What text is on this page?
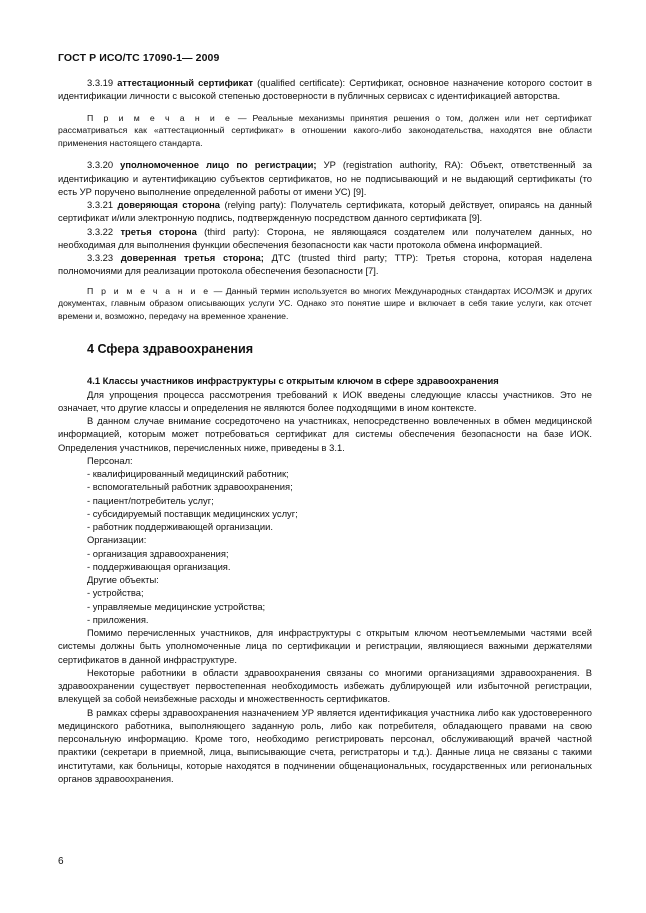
ГОСТ Р ИСО/ТС 17090-1— 2009

3.3.19 аттестационный сертификат (qualified certificate): Сертификат, основное назначение которого состоит в идентификации личности с высокой степенью достоверности в публичных сервисах с идентификацией авторства.

П р и м е ч а н и е — Реальные механизмы принятия решения о том, должен или нет сертификат рассматриваться как «аттестационный сертификат» в отношении какого-либо законодательства, находятся вне области применения настоящего стандарта.

3.3.20 уполномоченное лицо по регистрации; УР (registration authority, RA): Объект, ответственный за идентификацию и аутентификацию субъектов сертификатов, но не подписывающий и не выдающий сертификаты (то есть УР поручено выполнение определенной работы от имени УС) [9].

3.3.21 доверяющая сторона (relying party): Получатель сертификата, который действует, опираясь на данный сертификат и/или электронную подпись, подтвержденную посредством данного сертификата [9].

3.3.22 третья сторона (third party): Сторона, не являющаяся создателем или получателем данных, но необходимая для выполнения функции обеспечения безопасности как части протокола обмена информацией.

3.3.23 доверенная третья сторона; ДТС (trusted third party; TTP): Третья сторона, которая наделена полномочиями для реализации протокола обеспечения безопасности [7].

П р и м е ч а н и е — Данный термин используется во многих Международных стандартах ИСО/МЭК и других документах, главным образом описывающих услуги УС. Однако это понятие шире и включает в себя такие услуги, как отсчет времени и, возможно, передачу на временное хранение.

4 Сфера здравоохранения
4.1 Классы участников инфраструктуры с открытым ключом в сфере здравоохранения

Для упрощения процесса рассмотрения требований к ИОК введены следующие классы участников. Это не означает, что другие классы и определения не являются более подходящими в ином контексте.

В данном случае внимание сосредоточено на участниках, непосредственно вовлеченных в обмен медицинской информацией, которым может потребоваться сертификат для системы обеспечения безопасности на базе ИОК. Определения участников, перечисленных ниже, приведены в 3.1.

Персонал:

- квалифицированный медицинский работник;

- вспомогательный работник здравоохранения;

- пациент/потребитель услуг;

- субсидируемый поставщик медицинских услуг;

- работник поддерживающей организации.

Организации:

- организация здравоохранения;

- поддерживающая организация.

Другие объекты:

- устройства;

- управляемые медицинские устройства;

- приложения.

Помимо перечисленных участников, для инфраструктуры с открытым ключом неотъемлемыми частями всей системы должны быть уполномоченные лица по сертификации и регистрации, являющиеся важными держателями сертификатов в данной инфраструктуре.

Некоторые работники в области здравоохранения связаны со многими организациями здравоохранения. В здравоохранении существует первостепенная необходимость избежать дублирующей или избыточной регистрации, влекущей за собой неизбежные расходы и множественность сертификатов.

В рамках сферы здравоохранения назначением УР является идентификация участника либо как удостоверенного медицинского работника, выполняющего заданную роль, либо как потребителя, обладающего правами на свою персональную информацию. Кроме того, необходимо регистрировать персонал, обслуживающий врачей частной практики (секретари в приемной, лица, выписывающие счета, регистраторы и т.д.). Данные лица не связаны с такими институтами, как больницы, которые находятся в подчинении общенациональных, государственных или региональных органов здравоохранения.

6
